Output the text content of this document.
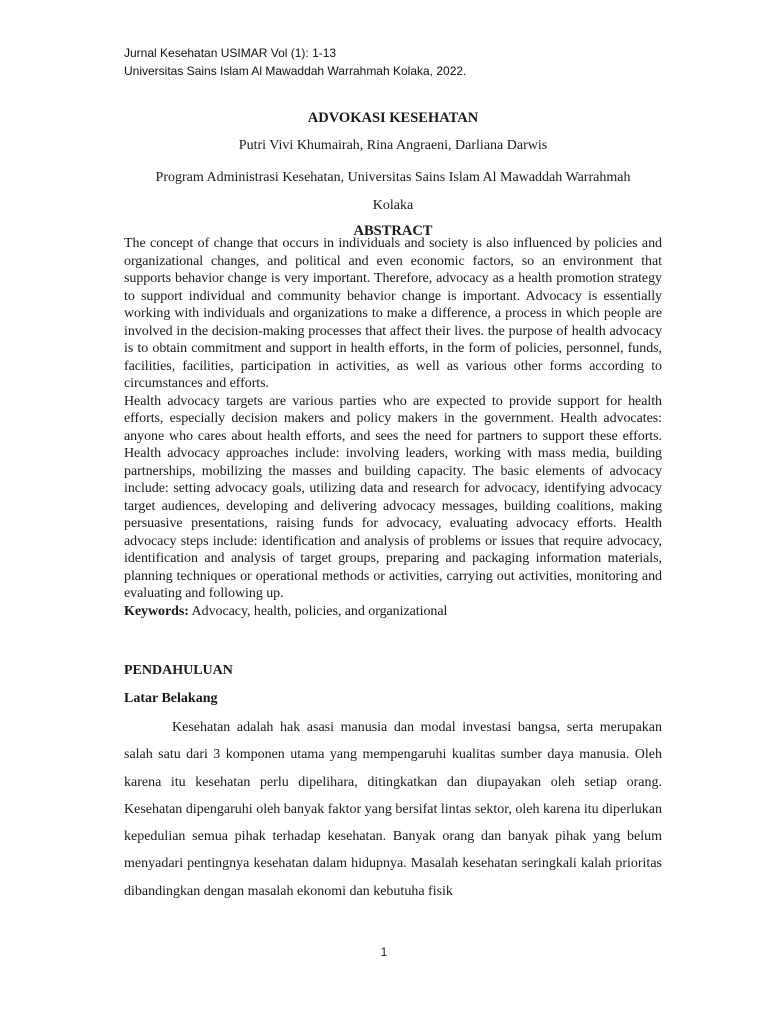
Jurnal Kesehatan USIMAR Vol (1): 1-13
Universitas Sains Islam Al Mawaddah Warrahmah Kolaka, 2022.
ADVOKASI KESEHATAN
Putri Vivi Khumairah, Rina Angraeni, Darliana Darwis
Program Administrasi Kesehatan, Universitas Sains Islam Al Mawaddah Warrahmah
Kolaka
ABSTRACT

The concept of change that occurs in individuals and society is also influenced by policies and organizational changes, and political and even economic factors, so an environment that supports behavior change is very important. Therefore, advocacy as a health promotion strategy to support individual and community behavior change is important. Advocacy is essentially working with individuals and organizations to make a difference, a process in which people are involved in the decision-making processes that affect their lives. the purpose of health advocacy is to obtain commitment and support in health efforts, in the form of policies, personnel, funds, facilities, facilities, participation in activities, as well as various other forms according to circumstances and efforts.

Health advocacy targets are various parties who are expected to provide support for health efforts, especially decision makers and policy makers in the government. Health advocates: anyone who cares about health efforts, and sees the need for partners to support these efforts. Health advocacy approaches include: involving leaders, working with mass media, building partnerships, mobilizing the masses and building capacity. The basic elements of advocacy include: setting advocacy goals, utilizing data and research for advocacy, identifying advocacy target audiences, developing and delivering advocacy messages, building coalitions, making persuasive presentations, raising funds for advocacy, evaluating advocacy efforts. Health advocacy steps include: identification and analysis of problems or issues that require advocacy, identification and analysis of target groups, preparing and packaging information materials, planning techniques or operational methods or activities, carrying out activities, monitoring and evaluating and following up.

Keywords: Advocacy, health, policies, and organizational

PENDAHULUAN
Latar Belakang

Kesehatan adalah hak asasi manusia dan modal investasi bangsa, serta merupakan salah satu dari 3 komponen utama yang mempengaruhi kualitas sumber daya manusia. Oleh karena itu kesehatan perlu dipelihara, ditingkatkan dan diupayakan oleh setiap orang. Kesehatan dipengaruhi oleh banyak faktor yang bersifat lintas sektor, oleh karena itu diperlukan kepedulian semua pihak terhadap kesehatan. Banyak orang dan banyak pihak yang belum menyadari pentingnya kesehatan dalam hidupnya. Masalah kesehatan seringkali kalah prioritas dibandingkan dengan masalah ekonomi dan kebutuha fisik

1
